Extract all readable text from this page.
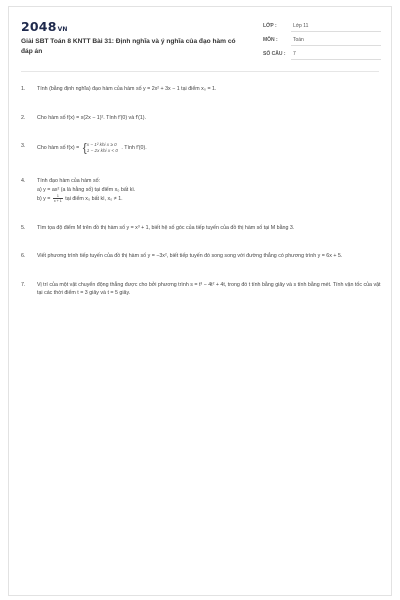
2048VN
Giải SBT Toán 8 KNTT Bài 31: Định nghĩa và ý nghĩa của đạo hàm có đáp án
LỚP :	Lớp 11
MÔN :	Toán
SỐ CÂU : 7
1. Tính (bằng định nghĩa) đạo hàm của hàm số y = 2x² + 3x − 1 tại điểm x₀ = 1.
2. Cho hàm số f(x) = x(2x − 1)². Tính f′(0) và f′(1).
3. Cho hàm số f(x) = { x − 1² khi x ≥ 0
1 − 2x khi x < 0 . Tính f′(0).
4. Tính đạo hàm của hàm số:
a) y = ax² (a là hằng số) tại điểm x₀ bất kì.
b) $y = \frac{1}{x + 1}$ tại điểm x₀ bất kì, x₀ ≠ 1.
5. Tìm tọa độ điểm M trên đồ thị hàm số y = x³ + 1, biết hệ số góc của tiếp tuyến của đồ thị hàm số tại M bằng 3.
6. Viết phương trình tiếp tuyến của đồ thị hàm số y = −3x², biết tiếp tuyến đó song song với đường thẳng có phương trình y = 6x + 5.
7. Vị trí của một vật chuyển động thẳng được cho bởi phương trình s = t³ − 4t² + 4t, trong đó t tính bằng giây và s tính bằng mét. Tính vận tốc của vật tại các thời điểm t = 3 giây và t = 5 giây.
